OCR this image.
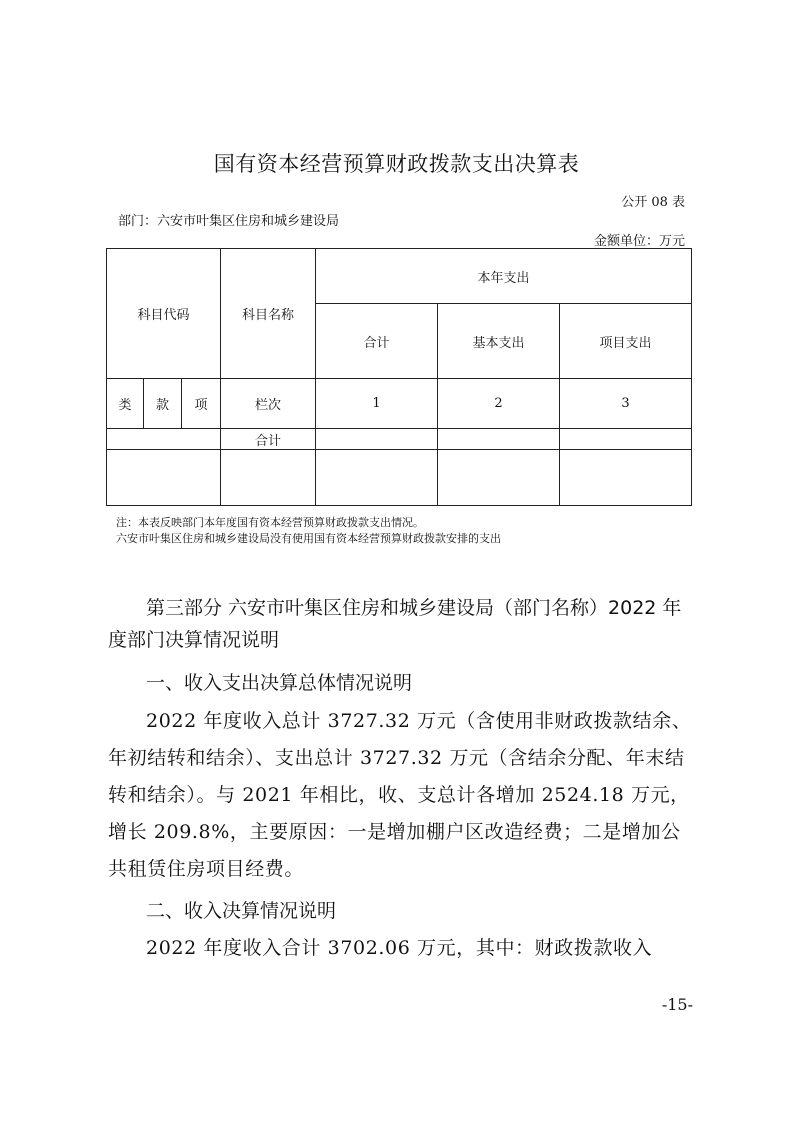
国有资本经营预算财政拨款支出决算表
公开 08 表
部门：六安市叶集区住房和城乡建设局
金额单位：万元
科目代码			科目名称	本年支出		
				合计	基本支出	项目支出
类	款	项	栏次	1	2	3
			合计			

注：本表反映部门本年度国有资本经营预算财政拨款支出情况。
六安市叶集区住房和城乡建设局没有使用国有资本经营预算财政拨款安排的支出
第三部分 六安市叶集区住房和城乡建设局（部门名称）2022 年度部门决算情况说明
一、收入支出决算总体情况说明
2022 年度收入总计 3727.32 万元（含使用非财政拨款结余、年初结转和结余）、支出总计 3727.32 万元（含结余分配、年末结转和结余）。与 2021 年相比，收、支总计各增加 2524.18 万元，增长 209.8%，主要原因：一是增加棚户区改造经费；二是增加公共租赁住房项目经费。
二、收入决算情况说明
2022 年度收入合计 3702.06 万元，其中：财政拨款收入
-15-
